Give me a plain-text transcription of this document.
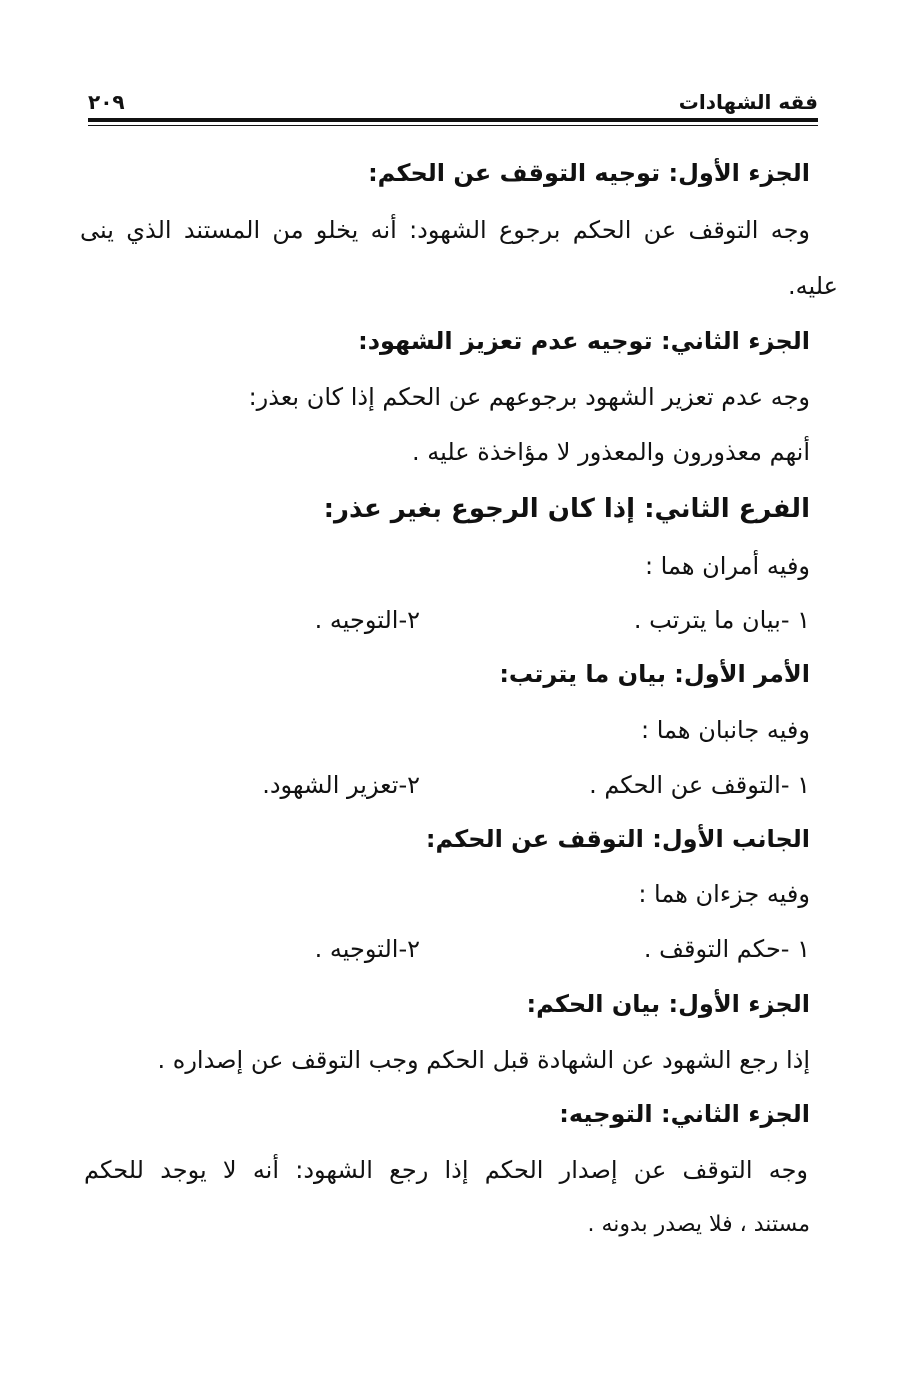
فقه الشهادات
٢٠٩
الجزء الأول: توجيه التوقف عن الحكم:
وجه التوقف عن الحكم برجوع الشهود: أنه يخلو من المستند الذي ينى
عليه.
الجزء الثاني: توجيه عدم تعزيز الشهود:
وجه عدم تعزير الشهود برجوعهم عن الحكم إذا كان بعذر:
أنهم معذورون والمعذور لا مؤاخذة عليه .
الفرع الثاني: إذا كان الرجوع بغير عذر:
وفيه أمران هما :
١ -بيان ما يترتب .
٢-التوجيه .
الأمر الأول: بيان ما يترتب:
وفيه جانبان هما :
١ -التوقف عن الحكم .
٢-تعزير الشهود.
الجانب الأول: التوقف عن الحكم:
وفيه جزءان هما :
١ -حكم التوقف .
٢-التوجيه .
الجزء الأول: بيان الحكم:
إذا رجع الشهود عن الشهادة قبل الحكم وجب التوقف عن إصداره .
الجزء الثاني: التوجيه:
وجه التوقف عن إصدار الحكم إذا رجع الشهود: أنه لا يوجد للحكم
مستند ، فلا يصدر بدونه .
